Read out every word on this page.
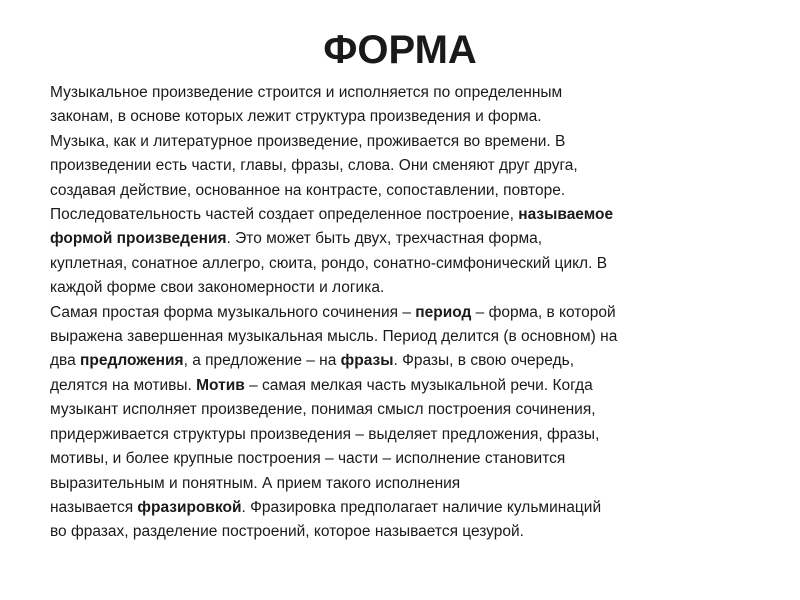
ФОРМА
Музыкальное произведение строится и исполняется по определенным
законам, в основе которых лежит структура произведения и форма.
Музыка, как и литературное произведение, проживается во времени. В
произведении есть части, главы, фразы, слова. Они сменяют друг друга,
создавая действие, основанное на контрасте, сопоставлении, повторе.
Последовательность частей создает определенное построение, называемое
формой произведения. Это может быть двух, трехчастная форма,
куплетная, сонатное аллегро, сюита, рондо, сонатно-симфонический цикл. В
каждой форме свои закономерности и логика.
Самая простая форма музыкального сочинения – период – форма, в которой
выражена завершенная музыкальная мысль. Период делится (в основном) на
два предложения, а предложение – на фразы. Фразы, в свою очередь,
делятся на мотивы. Мотив – самая мелкая часть музыкальной речи. Когда
музыкант исполняет произведение, понимая смысл построения сочинения,
придерживается структуры произведения – выделяет предложения, фразы,
мотивы, и более крупные построения – части – исполнение становится
выразительным и понятным. А прием такого исполнения
называется фразировкой. Фразировка предполагает наличие кульминаций
во фразах, разделение построений, которое называется цезурой.
